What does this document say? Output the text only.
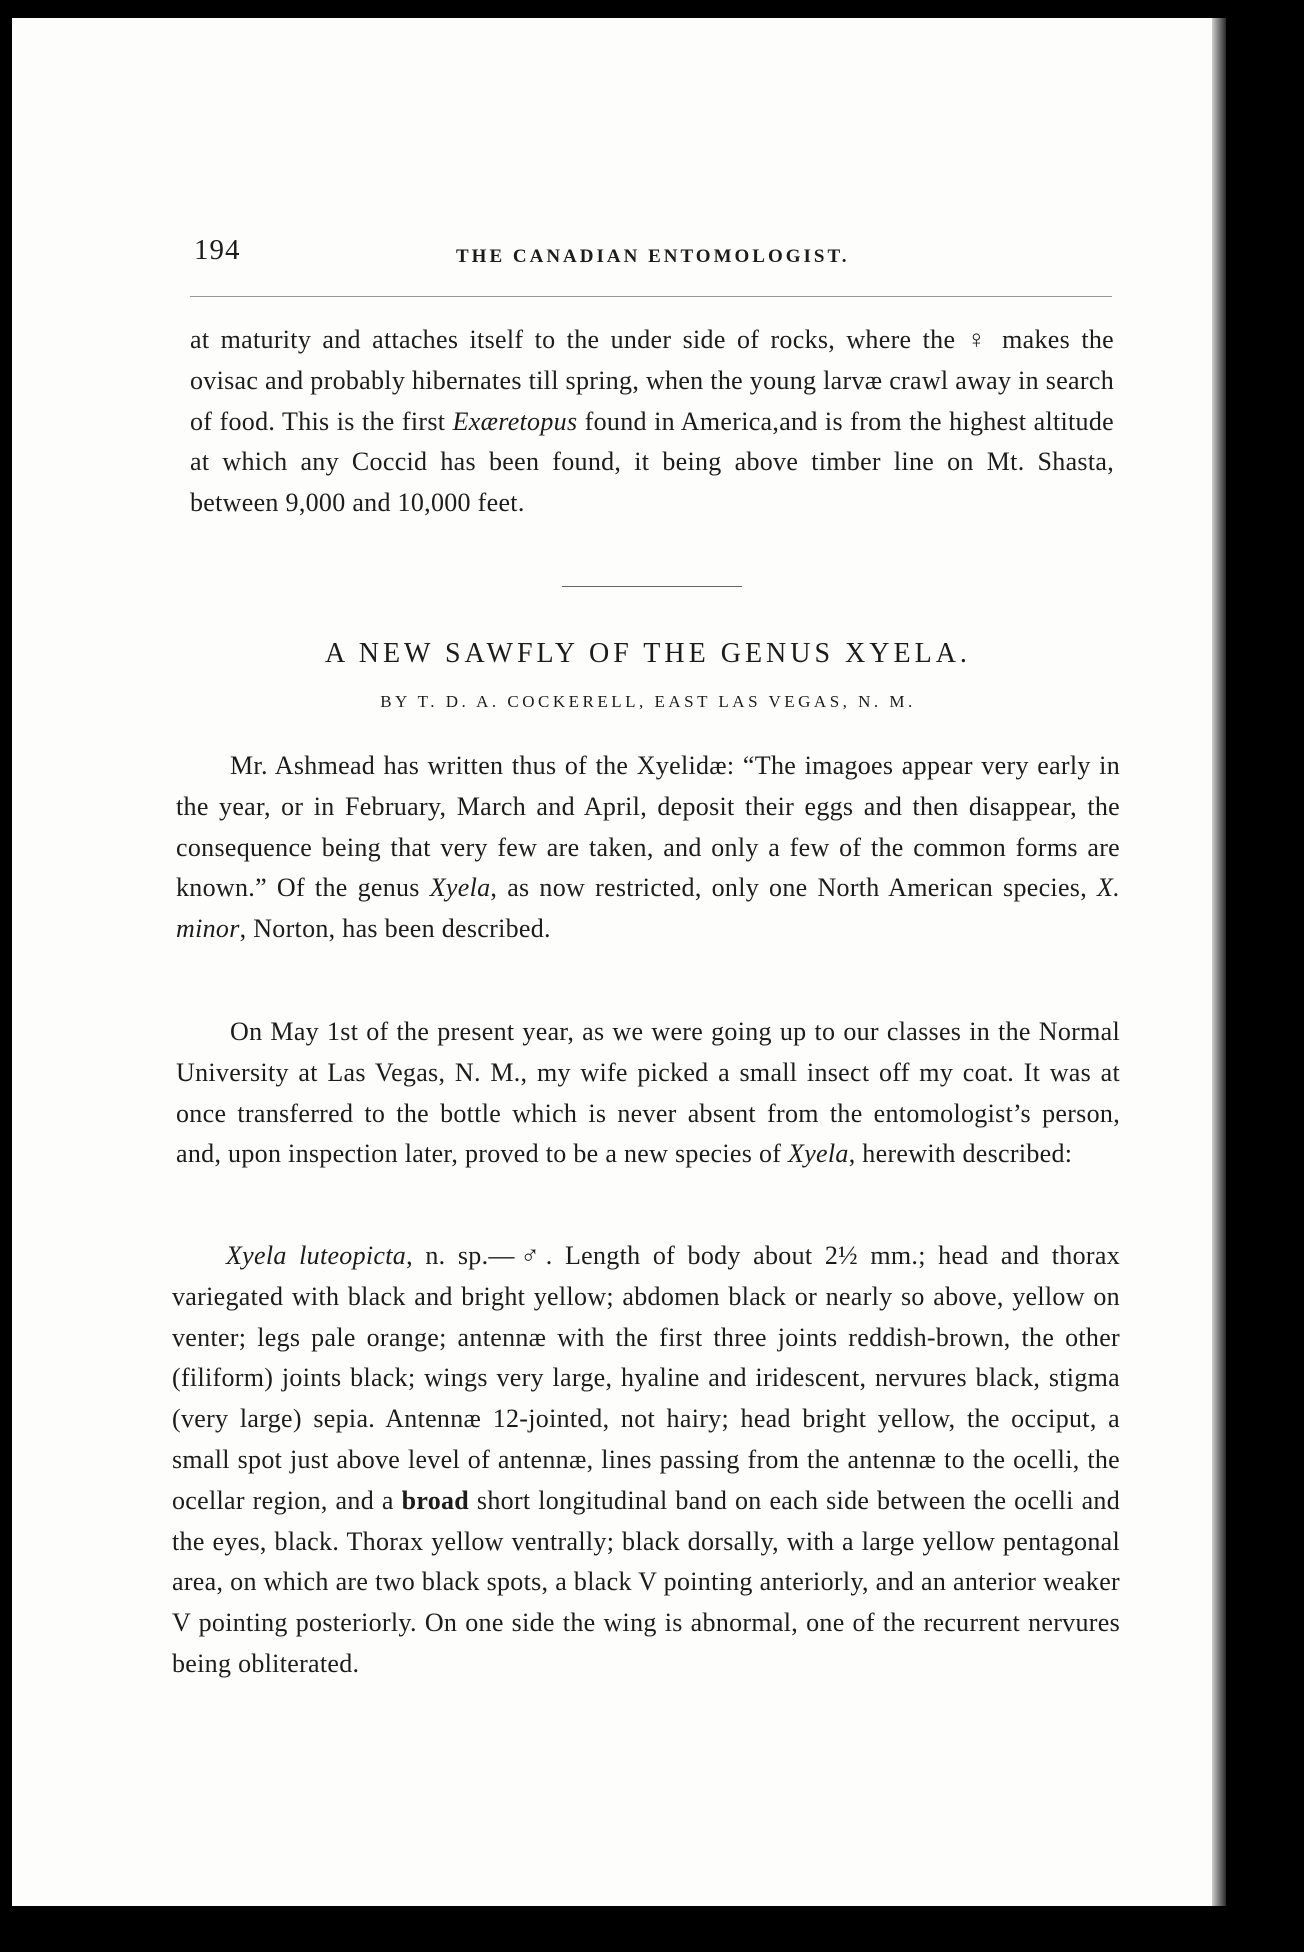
194	THE CANADIAN ENTOMOLOGIST.

at maturity and attaches itself to the under side of rocks, where the ♀ makes the ovisac and probably hibernates till spring, when the young larvæ crawl away in search of food. This is the first Exæretopus found in America,and is from the highest altitude at which any Coccid has been found, it being above timber line on Mt. Shasta, between 9,000 and 10,000 feet.

A NEW SAWFLY OF THE GENUS XYELA.
BY T. D. A. COCKERELL, EAST LAS VEGAS, N. M.

Mr. Ashmead has written thus of the Xyelidæ: “The imagoes appear very early in the year, or in February, March and April, deposit their eggs and then disappear, the consequence being that very few are taken, and only a few of the common forms are known.” Of the genus Xyela, as now restricted, only one North American species, X. minor, Norton, has been described.

On May 1st of the present year, as we were going up to our classes in the Normal University at Las Vegas, N. M., my wife picked a small insect off my coat. It was at once transferred to the bottle which is never absent from the entomologist’s person, and, upon inspection later, proved to be a new species of Xyela, herewith described:

Xyela luteopicta, n. sp.—♂. Length of body about 2½ mm.; head and thorax variegated with black and bright yellow; abdomen black or nearly so above, yellow on venter; legs pale orange; antennæ with the first three joints reddish-brown, the other (filiform) joints black; wings very large, hyaline and iridescent, nervures black, stigma (very large) sepia. Antennæ 12-jointed, not hairy; head bright yellow, the occiput, a small spot just above level of antennæ, lines passing from the antennæ to the ocelli, the ocellar region, and a broad short longitudinal band on each side between the ocelli and the eyes, black. Thorax yellow ventrally; black dorsally, with a large yellow pentagonal area, on which are two black spots, a black V pointing anteriorly, and an anterior weaker V pointing posteriorly. On one side the wing is abnormal, one of the recurrent nervures being obliterated.
